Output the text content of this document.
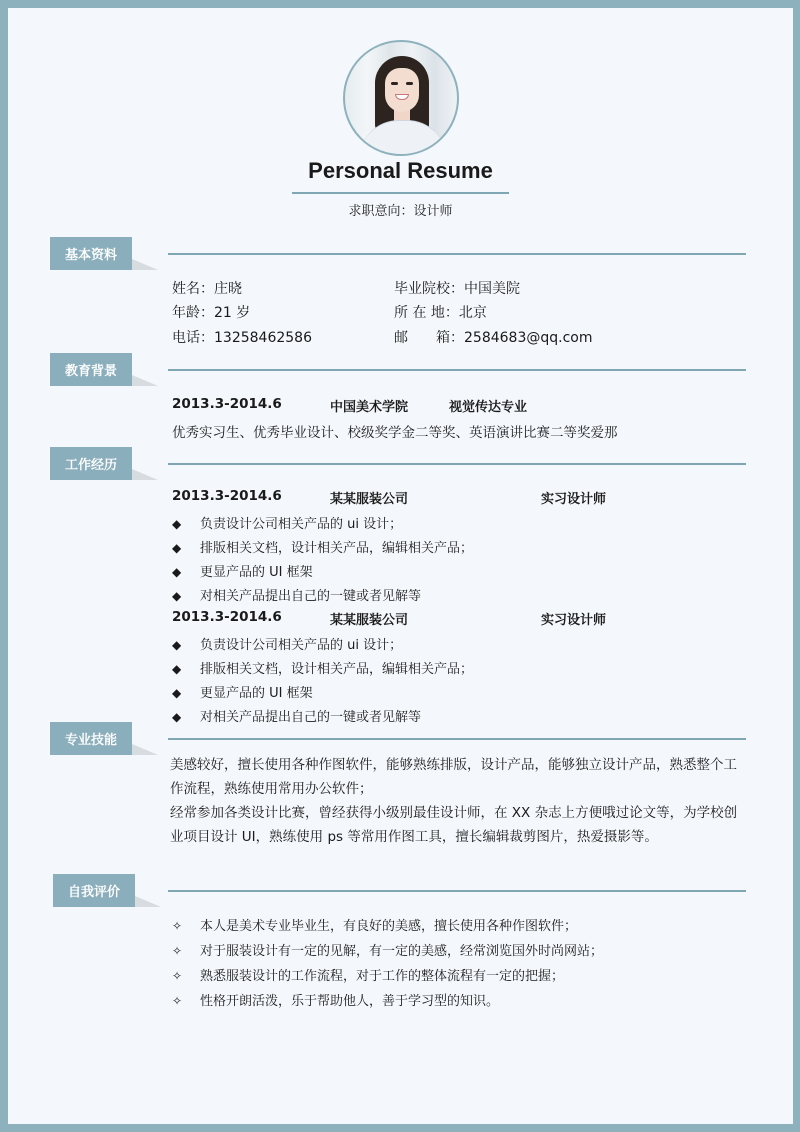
Personal Resume
求职意向：设计师
基本资料
姓名：庄晓
年龄：21 岁
电话：13258462586
毕业院校：中国美院
所 在 地：北京
邮　　箱：2584683@qq.com
教育背景
2013.3-2014.6	中国美术学院	视觉传达专业
优秀实习生、优秀毕业设计、校级奖学金二等奖、英语演讲比赛二等奖爱那
工作经历
2013.3-2014.6	某某服装公司	实习设计师
◆ 负责设计公司相关产品的 ui 设计；
◆ 排版相关文档，设计相关产品，编辑相关产品；
◆ 更显产品的 UI 框架
◆ 对相关产品提出自己的一键或者见解等
2013.3-2014.6	某某服装公司	实习设计师
◆ 负责设计公司相关产品的 ui 设计；
◆ 排版相关文档，设计相关产品，编辑相关产品；
◆ 更显产品的 UI 框架
◆ 对相关产品提出自己的一键或者见解等
专业技能

美感较好，擅长使用各种作图软件，能够熟练排版，设计产品，能够独立设计产品，熟悉整个工作流程，熟练使用常用办公软件；

经常参加各类设计比赛，曾经获得小级别最佳设计师，在 XX 杂志上方便哦过论文等，为学校创业项目设计 UI，熟练使用 ps 等常用作图工具，擅长编辑裁剪图片，热爱摄影等。

自我评价
✧ 本人是美术专业毕业生，有良好的美感，擅长使用各种作图软件；
✧ 对于服装设计有一定的见解，有一定的美感，经常浏览国外时尚网站；
✧ 熟悉服装设计的工作流程，对于工作的整体流程有一定的把握；
✧ 性格开朗活泼，乐于帮助他人，善于学习型的知识。
